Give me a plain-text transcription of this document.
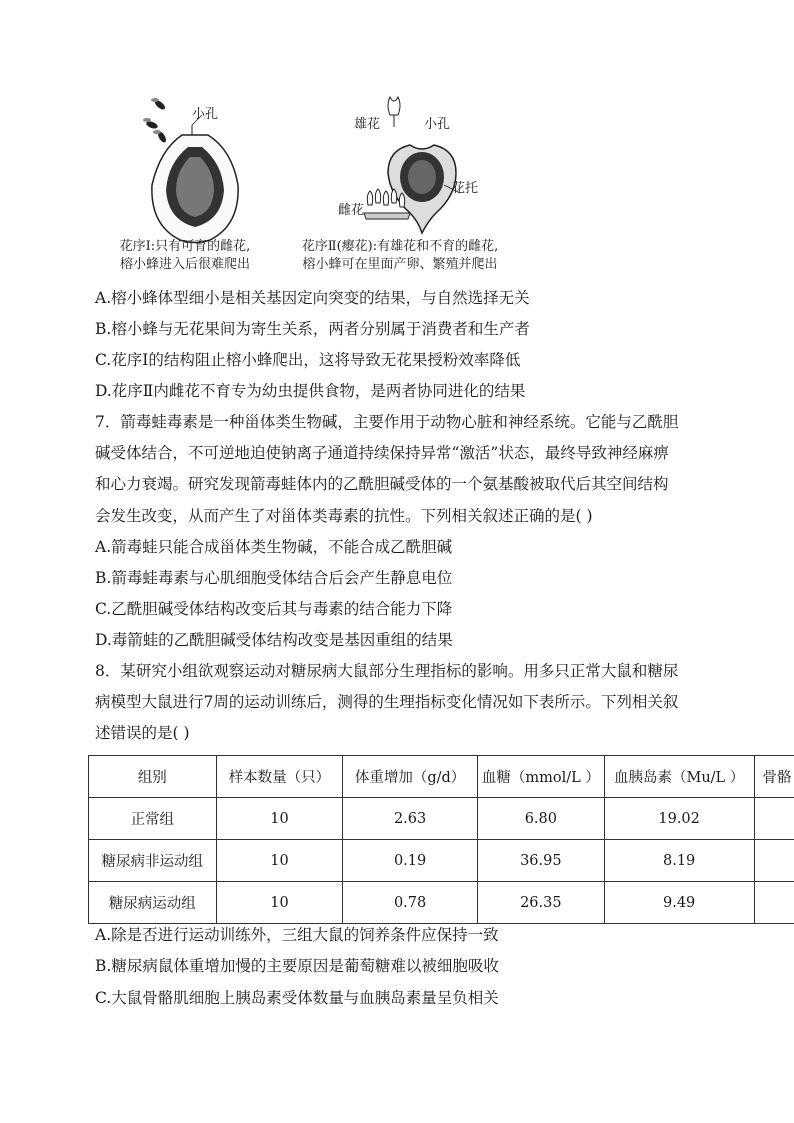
小孔
花序Ⅰ:只有可育的雌花,
榕小蜂进入后很难爬出
雄花	小孔
花托
雌花
花序Ⅱ(瘿花):有雄花和不育的雌花,
榕小蜂可在里面产卵、繁殖并爬出
A.榕小蜂体型细小是相关基因定向突变的结果，与自然选择无关
B.榕小蜂与无花果间为寄生关系，两者分别属于消费者和生产者
C.花序Ⅰ的结构阻止榕小蜂爬出，这将导致无花果授粉效率降低
D.花序Ⅱ内雌花不育专为幼虫提供食物，是两者协同进化的结果
7．箭毒蛙毒素是一种甾体类生物碱，主要作用于动物心脏和神经系统。它能与乙酰胆
碱受体结合，不可逆地迫使钠离子通道持续保持异常“激活”状态，最终导致神经麻痹
和心力衰竭。研究发现箭毒蛙体内的乙酰胆碱受体的一个氨基酸被取代后其空间结构
会发生改变，从而产生了对甾体类毒素的抗性。下列相关叙述正确的是( )
A.箭毒蛙只能合成甾体类生物碱，不能合成乙酰胆碱
B.箭毒蛙毒素与心肌细胞受体结合后会产生静息电位
C.乙酰胆碱受体结构改变后其与毒素的结合能力下降
D.毒箭蛙的乙酰胆碱受体结构改变是基因重组的结果
8．某研究小组欲观察运动对糖尿病大鼠部分生理指标的影响。用多只正常大鼠和糖尿
病模型大鼠进行7周的运动训练后，测得的生理指标变化情况如下表所示。下列相关叙
述错误的是( )
组别	样本数量（只）	体重增加（g/d）	血糖（mmol/L ）	血胰岛素（Mu/L ）	骨骼
正常组	10	2.63	6.80	19.02	
糖尿病非运动组	10	0.19	36.95	8.19	
糖尿病运动组	10	0.78	26.35	9.49	
A.除是否进行运动训练外，三组大鼠的饲养条件应保持一致
B.糖尿病鼠体重增加慢的主要原因是葡萄糖难以被细胞吸收
C.大鼠骨骼肌细胞上胰岛素受体数量与血胰岛素量呈负相关
